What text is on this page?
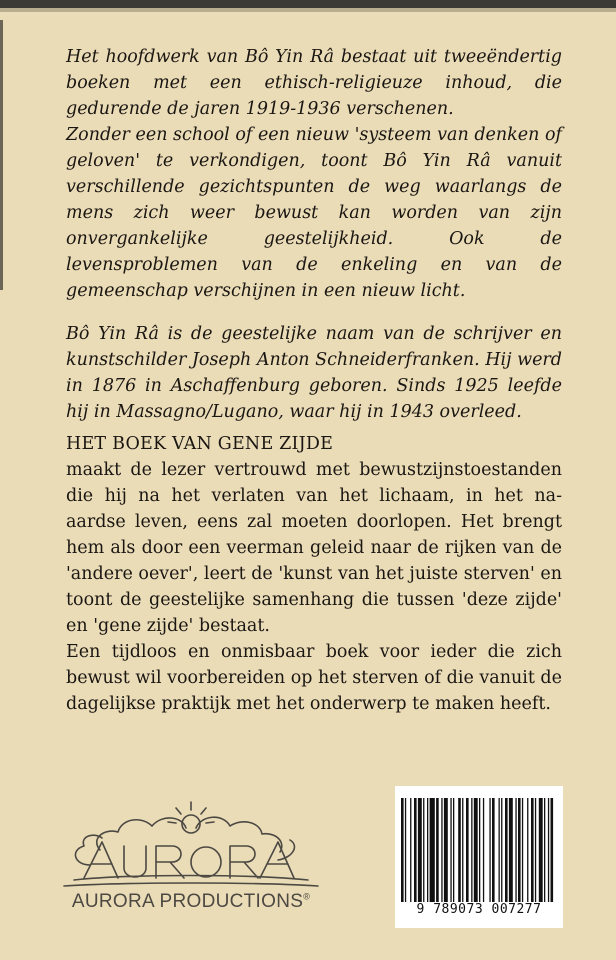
Het hoofdwerk van Bô Yin Râ bestaat uit tweeëndertig boeken met een ethisch-religieuze inhoud, die gedurende de jaren 1919-1936 verschenen.

Zonder een school of een nieuw 'systeem van denken of geloven' te verkondigen, toont Bô Yin Râ vanuit verschillende gezichtspunten de weg waarlangs de mens zich weer bewust kan worden van zijn onvergankelijke geestelijkheid. Ook de levensproblemen van de enkeling en van de gemeenschap verschijnen in een nieuw licht.

Bô Yin Râ is de geestelijke naam van de schrijver en kunstschilder Joseph Anton Schneiderfranken. Hij werd in 1876 in Aschaffenburg geboren. Sinds 1925 leefde hij in Massagno/Lugano, waar hij in 1943 overleed.

HET BOEK VAN GENE ZIJDE

maakt de lezer vertrouwd met bewustzijnstoestanden die hij na het verlaten van het lichaam, in het na-aardse leven, eens zal moeten doorlopen. Het brengt hem als door een veerman geleid naar de rijken van de 'andere oever', leert de 'kunst van het juiste sterven' en toont de geestelijke samenhang die tussen 'deze zijde' en 'gene zijde' bestaat.

Een tijdloos en onmisbaar boek voor ieder die zich bewust wil voorbereiden op het sterven of die vanuit de dagelijkse praktijk met het onderwerp te maken heeft.

AURORA PRODUCTIONS®
9 789073 007277
